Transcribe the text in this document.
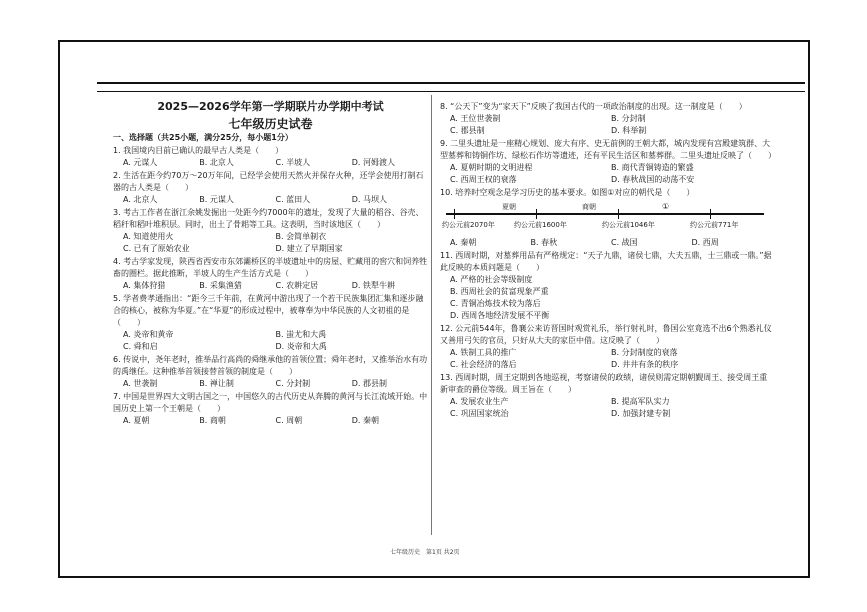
2025—2026学年第一学期联片办学期中考试
七年级历史试卷
一、选择题（共25小题，满分25分，每小题1分）
1. 我国境内目前已确认的最早古人类是（　　）
A. 元谋人	B. 北京人	C. 半坡人	D. 河姆渡人
2. 生活在距今约70万～20万年间，已经学会使用天然火并保存火种，还学会使用打制石器的古人类是（　　）
A. 北京人	B. 元谋人	C. 蓝田人	D. 马坝人
3. 考古工作者在浙江余姚发掘出一处距今约7000年的遗址，发现了大量的稻谷、谷壳、稻秆和稻叶堆积层。同时，出土了骨耜等工具。这表明，当时该地区（　　）
A. 知道使用火	B. 会简单制衣
C. 已有了原始农业	D. 建立了早期国家
4. 考古学家发现，陕西省西安市东郊灞桥区的半坡遗址中的房屋、贮藏用的窖穴和饲养牲畜的圈栏。据此推断，半坡人的生产生活方式是（　　）
A. 集体狩猎	B. 采集渔猎	C. 农耕定居	D. 铁犁牛耕
5. 学者费孝通指出：“距今三千年前，在黄河中游出现了一个若干民族集团汇集和逐步融合的核心，被称为华夏。”在“华夏”的形成过程中，被尊奉为中华民族的人文初祖的是（　　）
A. 炎帝和黄帝	B. 蚩尤和大禹
C. 舜和启	D. 炎帝和大禹
6. 传说中，尧年老时，推举品行高尚的舜继承他的首领位置；舜年老时，又推举治水有功的禹继任。这种推举首领接替首领的制度是（　　）
A. 世袭制	B. 禅让制	C. 分封制	D. 郡县制
7. 中国是世界四大文明古国之一，中国悠久的古代历史从奔腾的黄河与长江流域开始。中国历史上第一个王朝是（　　）
A. 夏朝	B. 商朝	C. 周朝	D. 秦朝
8. “公天下”变为“家天下”反映了我国古代的一项政治制度的出现。这一制度是（　　）
A. 王位世袭制	B. 分封制
C. 郡县制	D. 科举制
9. 二里头遗址是一座精心规划、庞大有序、史无前例的王朝大都，城内发现有宫殿建筑群、大型墓葬和铸铜作坊、绿松石作坊等遗迹，还有平民生活区和墓葬群。二里头遗址反映了（　　）
A. 夏朝时期的文明进程	B. 商代青铜铸造的繁盛
C. 西周王权的衰落	D. 春秋战国的动荡不安
10. 培养时空观念是学习历史的基本要求。如图①对应的朝代是（　　）
夏朝	商朝	①
约公元前2070年	约公元前1600年	约公元前1046年	约公元前771年
A. 秦朝	B. 春秋	C. 战国	D. 西周
11. 西周时期，对墓葬用品有严格规定：“天子九鼎，诸侯七鼎，大夫五鼎，士三鼎或一鼎。”据此反映的本质问题是（　　）
A. 严格的社会等级制度
B. 西周社会的贫富现象严重
C. 青铜冶炼技术较为落后
D. 西周各地经济发展不平衡
12. 公元前544年，鲁襄公来访晋国时观赏礼乐，举行射礼时，鲁国公室竟选不出6个熟悉礼仪又善用弓矢的官员，只好从大夫的家臣中借。这反映了（　　）
A. 铁制工具的推广	B. 分封制度的衰落
C. 社会经济的落后	D. 井井有条的秩序
13. 西周时期，周王定期到各地巡视，考察诸侯的政绩，诸侯则需定期朝觐周王、接受周王重新审查的爵位等级。周王旨在（　　）
A. 发展农业生产	B. 提高军队实力
C. 巩固国家统治	D. 加强封建专制
七年级历史　第1页 共2页
